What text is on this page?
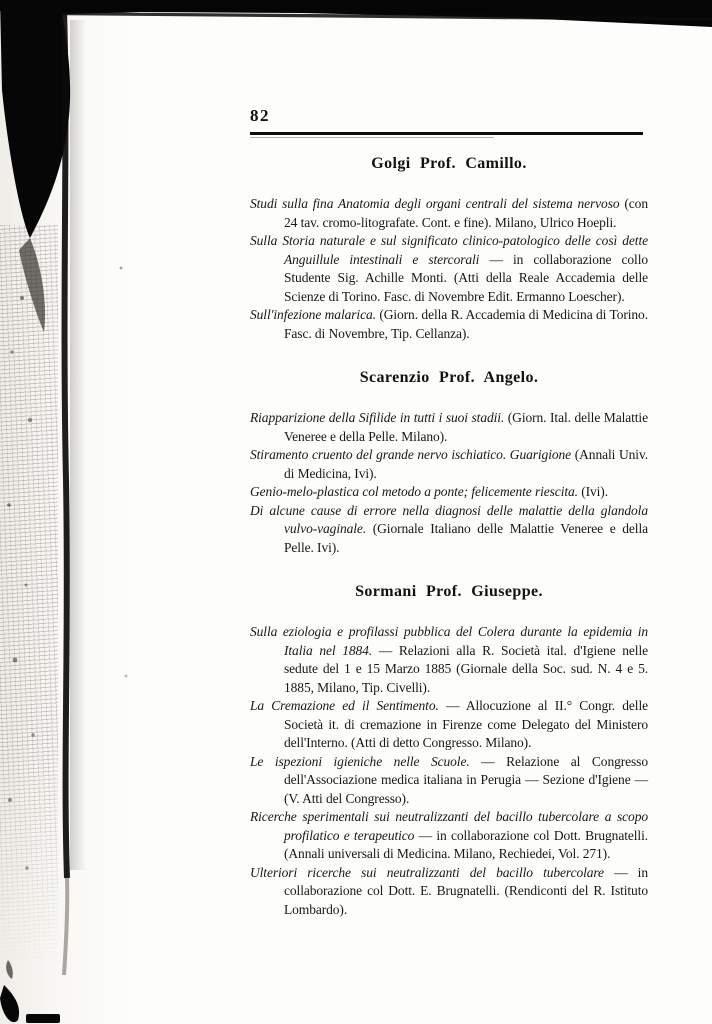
82
Golgi Prof. Camillo.

Studi sulla fina Anatomia degli organi centrali del sistema nervoso (con 24 tav. cromo-litografate. Cont. e fine). Milano, Ulrico Hoepli.

Sulla Storia naturale e sul significato clinico-patologico delle così dette Anguillule intestinali e stercorali — in collaborazione collo Studente Sig. Achille Monti. (Atti della Reale Accademia delle Scienze di Torino. Fasc. di Novembre Edit. Ermanno Loescher).

Sull'infezione malarica. (Giorn. della R. Accademia di Medicina di Torino. Fasc. di Novembre, Tip. Cellanza).

Scarenzio Prof. Angelo.

Riapparizione della Sifilide in tutti i suoi stadii. (Giorn. Ital. delle Malattie Veneree e della Pelle. Milano).

Stiramento cruento del grande nervo ischiatico. Guarigione (Annali Univ. di Medicina, Ivi).

Genio-melo-plastica col metodo a ponte; felicemente riescita. (Ivi).

Di alcune cause di errore nella diagnosi delle malattie della glandola vulvo-vaginale. (Giornale Italiano delle Malattie Veneree e della Pelle. Ivi).

Sormani Prof. Giuseppe.

Sulla eziologia e profilassi pubblica del Colera durante la epidemia in Italia nel 1884. — Relazioni alla R. Società ital. d'Igiene nelle sedute del 1 e 15 Marzo 1885 (Giornale della Soc. sud. N. 4 e 5. 1885, Milano, Tip. Civelli).

La Cremazione ed il Sentimento. — Allocuzione al II.° Congr. delle Società it. di cremazione in Firenze come Delegato del Ministero dell'Interno. (Atti di detto Congresso. Milano).

Le ispezioni igieniche nelle Scuole. — Relazione al Congresso dell'Associazione medica italiana in Perugia — Sezione d'Igiene — (V. Atti del Congresso).

Ricerche sperimentali sui neutralizzanti del bacillo tubercolare a scopo profilatico e terapeutico — in collaborazione col Dott. Brugnatelli. (Annali universali di Medicina. Milano, Rechiedei, Vol. 271).

Ulteriori ricerche sui neutralizzanti del bacillo tubercolare — in collaborazione col Dott. E. Brugnatelli. (Rendiconti del R. Istituto Lombardo).
